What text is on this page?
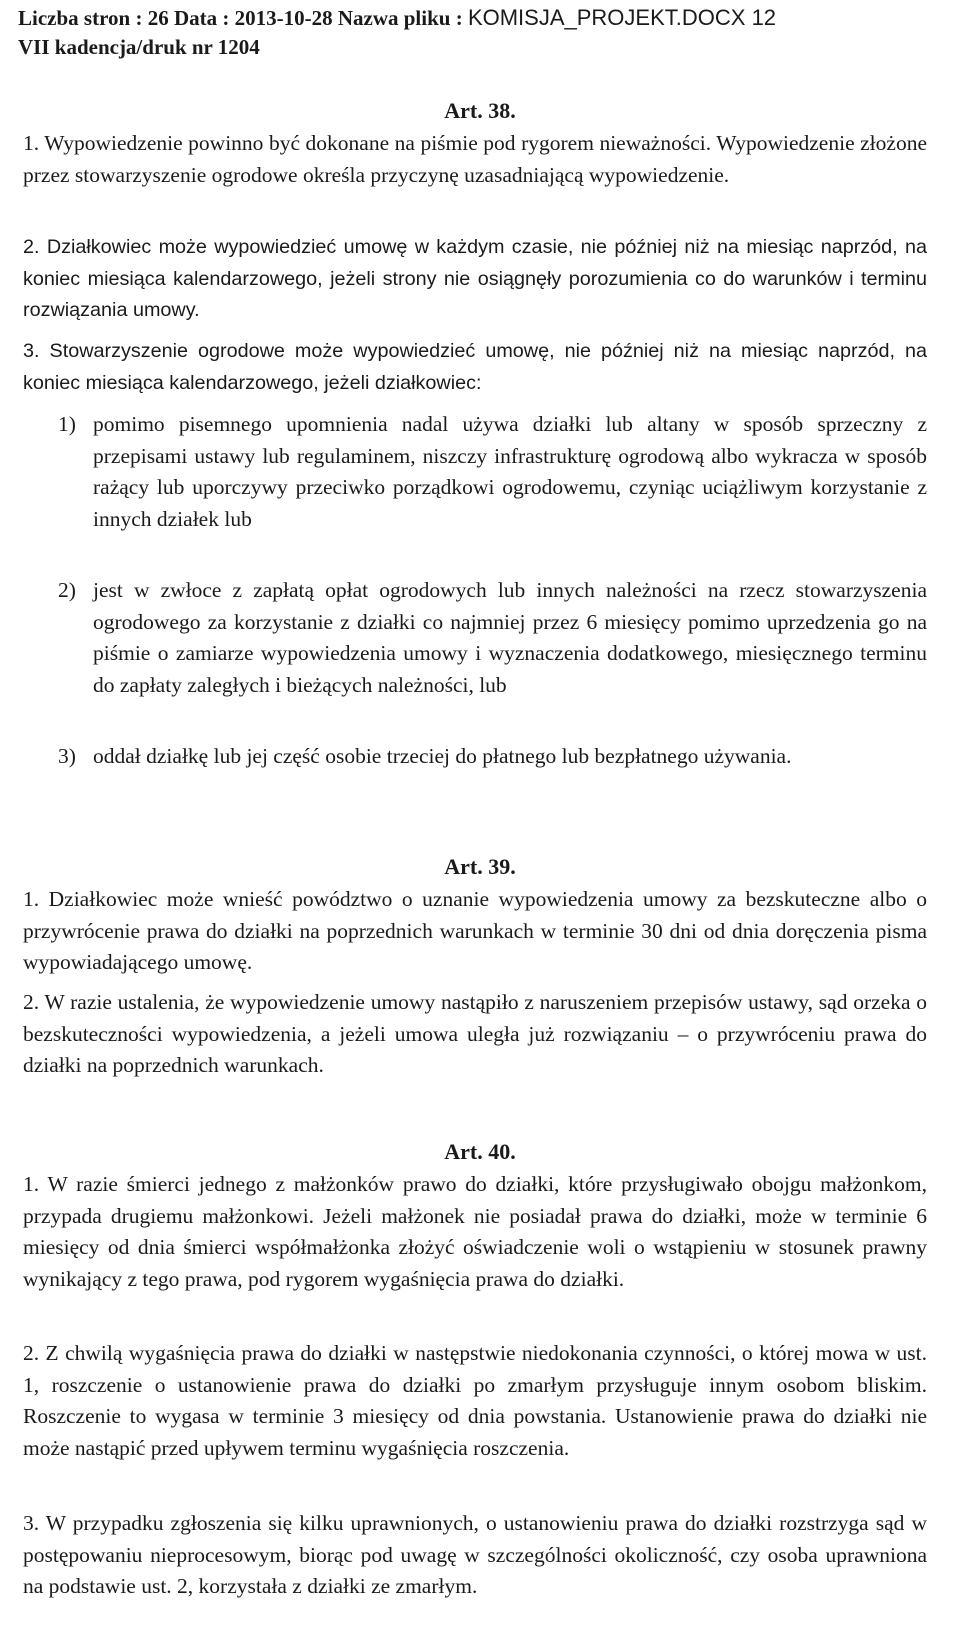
Liczba stron : 26 Data : 2013-10-28 Nazwa pliku : KOMISJA_PROJEKT.DOCX 12
VII kadencja/druk nr 1204
Art. 38.
1. Wypowiedzenie powinno być dokonane na piśmie pod rygorem nieważności. Wypowiedzenie złożone przez stowarzyszenie ogrodowe określa przyczynę uzasadniającą wypowiedzenie.
2. Działkowiec może wypowiedzieć umowę w każdym czasie, nie później niż na miesiąc naprzód, na koniec miesiąca kalendarzowego, jeżeli strony nie osiągnęły porozumienia co do warunków i terminu rozwiązania umowy.
3. Stowarzyszenie ogrodowe może wypowiedzieć umowę, nie później niż na miesiąc naprzód, na koniec miesiąca kalendarzowego, jeżeli działkowiec:
1) pomimo pisemnego upomnienia nadal używa działki lub altany w sposób sprzeczny z przepisami ustawy lub regulaminem, niszczy infrastrukturę ogrodową albo wykracza w sposób rażący lub uporczywy przeciwko porządkowi ogrodowemu, czyniąc uciążliwym korzystanie z innych działek lub
2) jest w zwłoce z zapłatą opłat ogrodowych lub innych należności na rzecz stowarzyszenia ogrodowego za korzystanie z działki co najmniej przez 6 miesięcy pomimo uprzedzenia go na piśmie o zamiarze wypowiedzenia umowy i wyznaczenia dodatkowego, miesięcznego terminu do zapłaty zaległych i bieżących należności, lub
3) oddał działkę lub jej część osobie trzeciej do płatnego lub bezpłatnego używania.
Art. 39.
1. Działkowiec może wnieść powództwo o uznanie wypowiedzenia umowy za bezskuteczne albo o przywrócenie prawa do działki na poprzednich warunkach w terminie 30 dni od dnia doręczenia pisma wypowiadającego umowę.
2. W razie ustalenia, że wypowiedzenie umowy nastąpiło z naruszeniem przepisów ustawy, sąd orzeka o bezskuteczności wypowiedzenia, a jeżeli umowa uległa już rozwiązaniu – o przywróceniu prawa do działki na poprzednich warunkach.
Art. 40.
1. W razie śmierci jednego z małżonków prawo do działki, które przysługiwało obojgu małżonkom, przypada drugiemu małżonkowi. Jeżeli małżonek nie posiadał prawa do działki, może w terminie 6 miesięcy od dnia śmierci współmałżonka złożyć oświadczenie woli o wstąpieniu w stosunek prawny wynikający z tego prawa, pod rygorem wygaśnięcia prawa do działki.
2. Z chwilą wygaśnięcia prawa do działki w następstwie niedokonania czynności, o której mowa w ust. 1, roszczenie o ustanowienie prawa do działki po zmarłym przysługuje innym osobom bliskim. Roszczenie to wygasa w terminie 3 miesięcy od dnia powstania. Ustanowienie prawa do działki nie może nastąpić przed upływem terminu wygaśnięcia roszczenia.
3. W przypadku zgłoszenia się kilku uprawnionych, o ustanowieniu prawa do działki rozstrzyga sąd w postępowaniu nieprocesowym, biorąc pod uwagę w szczególności okoliczność, czy osoba uprawniona na podstawie ust. 2, korzystała z działki ze zmarłym.
